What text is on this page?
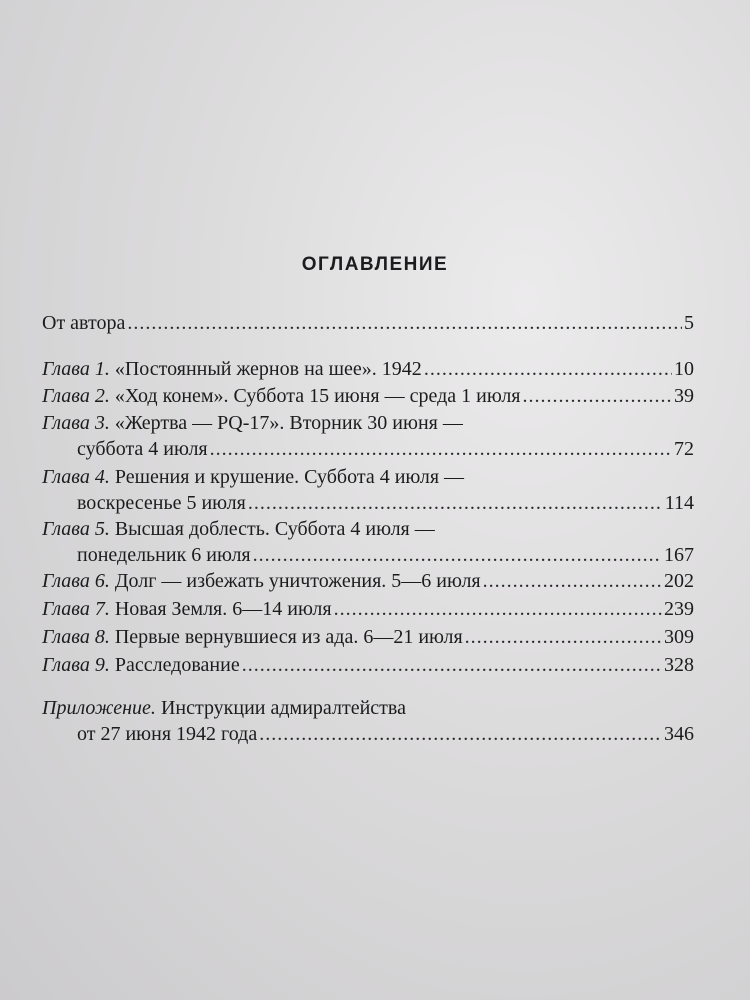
ОГЛАВЛЕНИЕ
От автора .....	5
Глава 1. «Постоянный жернов на шее». 1942 .....	10
Глава 2. «Ход конем». Суббота 15 июня — среда 1 июля .....	39
Глава 3. «Жертва — PQ-17». Вторник 30 июня —
суббота 4 июля .....	72
Глава 4. Решения и крушение. Суббота 4 июля —
воскресенье 5 июля .....	114
Глава 5. Высшая доблесть. Суббота 4 июля —
понедельник 6 июля .....	167
Глава 6. Долг — избежать уничтожения. 5—6 июля .....	202
Глава 7. Новая Земля. 6—14 июля .....	239
Глава 8. Первые вернувшиеся из ада. 6—21 июля .....	309
Глава 9. Расследование .....	328
Приложение. Инструкции адмиралтейства
от 27 июня 1942 года .....	346
